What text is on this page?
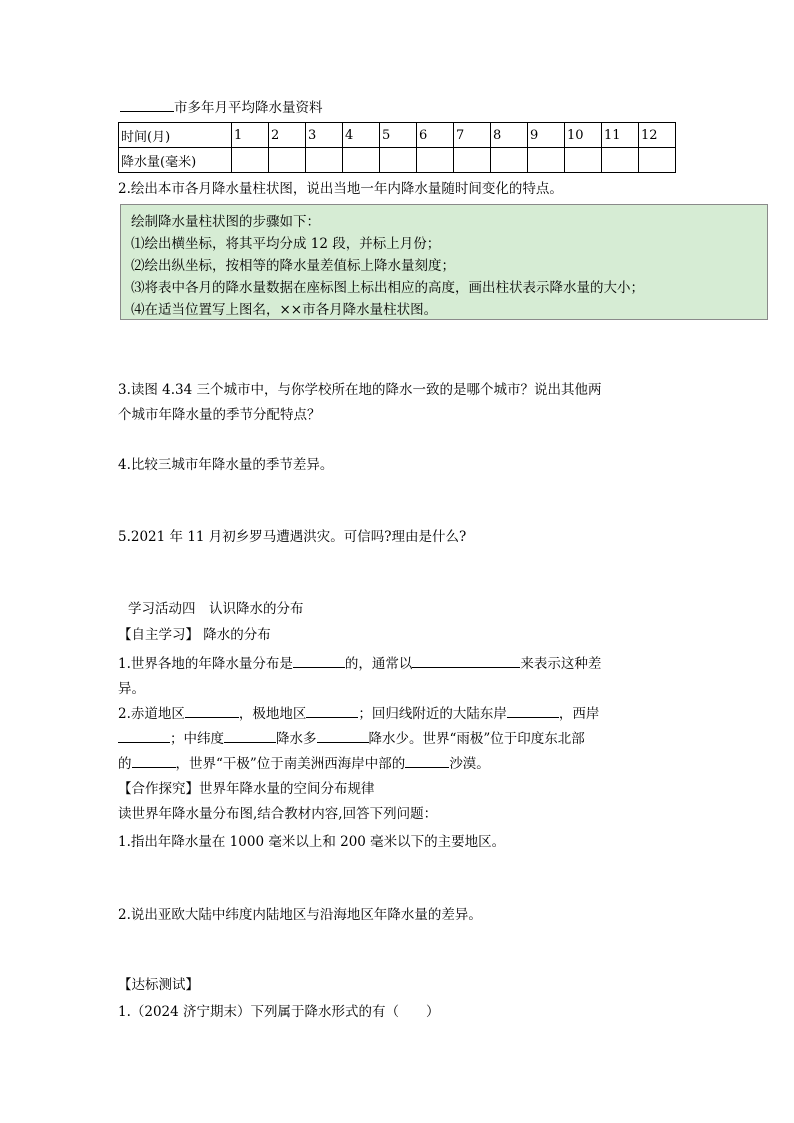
市多年月平均降水量资料
时间(月)	1	2	3	4	5	6	7	8	9	10	11	12
降水量(毫米)												
2.绘出本市各月降水量柱状图，说出当地一年内降水量随时间变化的特点。
绘制降水量柱状图的步骤如下：
⑴绘出横坐标，将其平均分成 12 段，并标上月份；
⑵绘出纵坐标，按相等的降水量差值标上降水量刻度；
⑶将表中各月的降水量数据在座标图上标出相应的高度，画出柱状表示降水量的大小；
⑷在适当位置写上图名，××市各月降水量柱状图。
3.读图 4.34 三个城市中，与你学校所在地的降水一致的是哪个城市？说出其他两
个城市年降水量的季节分配特点？
4.比较三城市年降水量的季节差异。
5.2021 年 11 月初乡罗马遭遇洪灾。可信吗?理由是什么?
学习活动四　认识降水的分布
【自主学习】 降水的分布
1.世界各地的年降水量分布是	的，通常以	来表示这种差
异。
2.赤道地区	，极地地区	；回归线附近的大陆东岸	，西岸
；中纬度	降水多	降水少。世界“雨极”位于印度东北部
的	，世界“干极”位于南美洲西海岸中部的	沙漠。
【合作探究】世界年降水量的空间分布规律
读世界年降水量分布图,结合教材内容,回答下列问题：
1.指出年降水量在 1000 毫米以上和 200 毫米以下的主要地区。
2.说出亚欧大陆中纬度内陆地区与沿海地区年降水量的差异。
【达标测试】
1.（2024 济宁期末）下列属于降水形式的有（　　）
